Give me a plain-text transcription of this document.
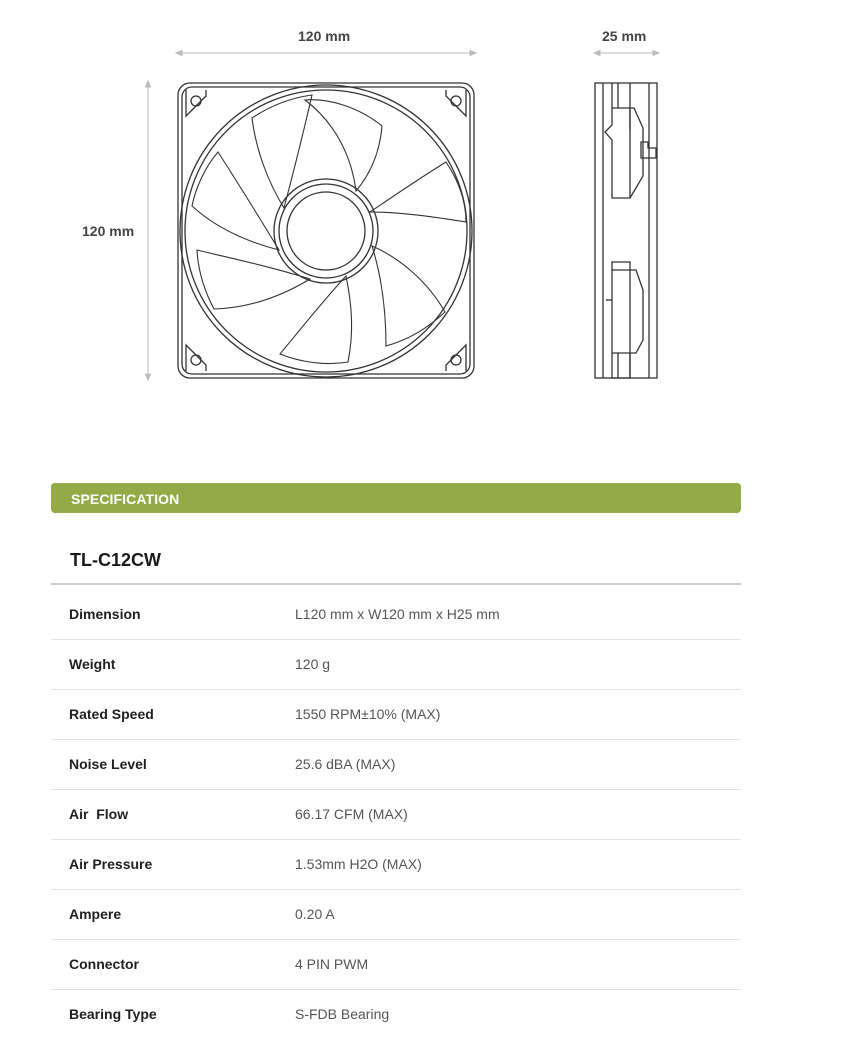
120 mm	25 mm
120 mm
SPECIFICATION
TL-C12CW
Dimension	L120 mm x W120 mm x H25 mm
Weight	120 g
Rated Speed	1550 RPM±10% (MAX)
Noise Level	25.6 dBA (MAX)
Air  Flow	66.17 CFM (MAX)
Air Pressure	1.53mm H2O (MAX)
Ampere	0.20 A
Connector	4 PIN PWM
Bearing Type	S-FDB Bearing
